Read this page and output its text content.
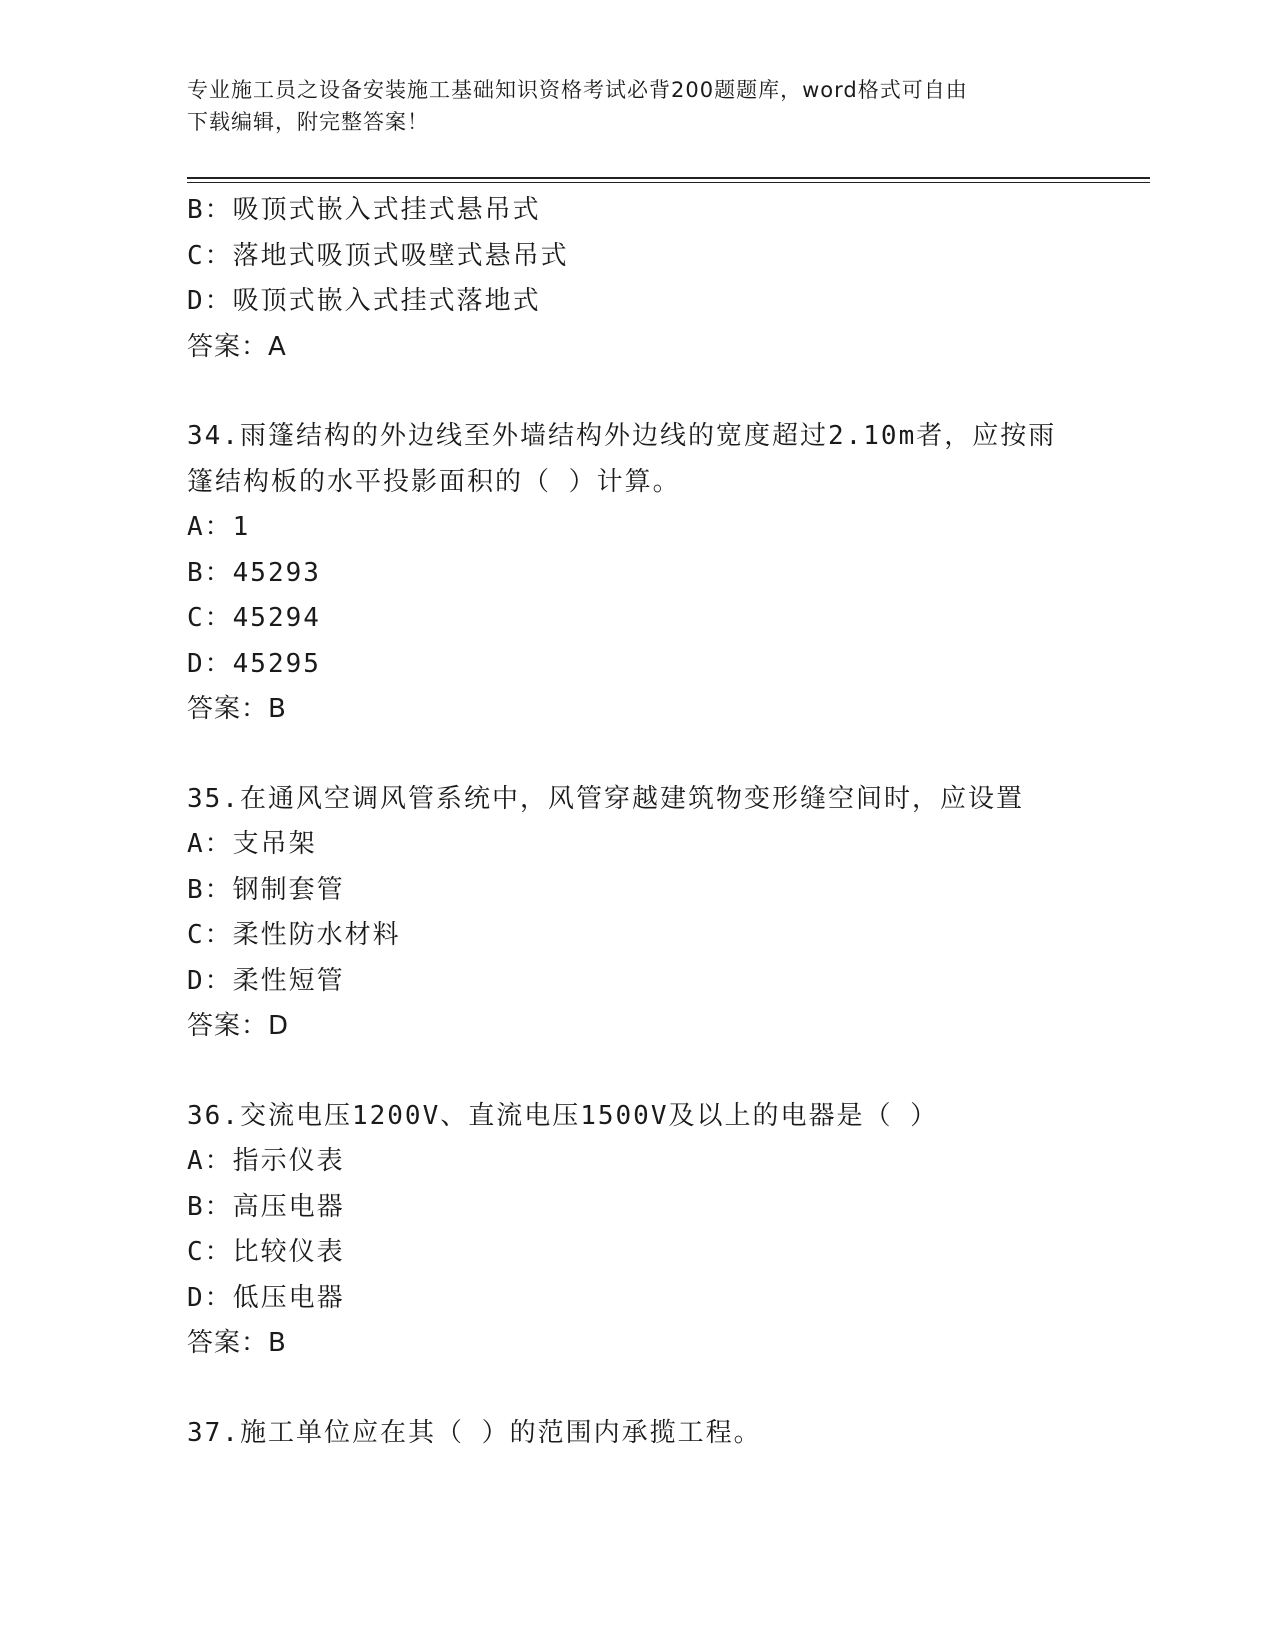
专业施工员之设备安装施工基础知识资格考试必背200题题库，word格式可自由
下载编辑，附完整答案！
B：吸顶式嵌入式挂式悬吊式
C：落地式吸顶式吸壁式悬吊式
D：吸顶式嵌入式挂式落地式
答案：A
34.雨篷结构的外边线至外墙结构外边线的宽度超过2.10m者，应按雨
篷结构板的水平投影面积的（ ）计算。
A：1
B：45293
C：45294
D：45295
答案：B
35.在通风空调风管系统中，风管穿越建筑物变形缝空间时，应设置
A：支吊架
B：钢制套管
C：柔性防水材料
D：柔性短管
答案：D
36.交流电压1200V、直流电压1500V及以上的电器是（ ）
A：指示仪表
B：高压电器
C：比较仪表
D：低压电器
答案：B
37.施工单位应在其（ ）的范围内承揽工程。
